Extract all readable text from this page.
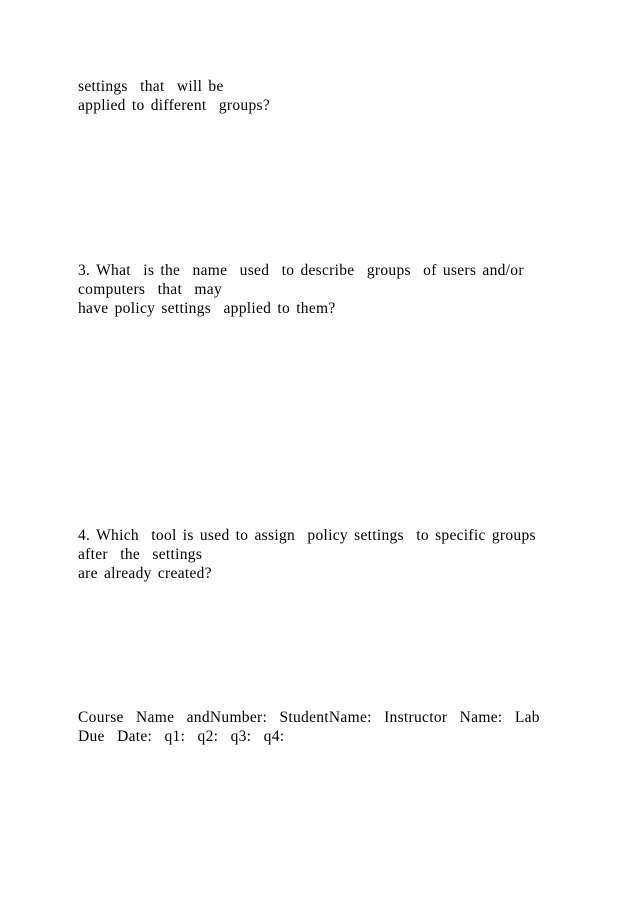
settings  that  will be
applied to different  groups?
3. What  is the  name  used  to describe  groups  of users and/or
computers  that  may
have policy settings  applied to them?
4. Which  tool is used to assign  policy settings  to specific groups
after  the  settings
are already created?
Course  Name  andNumber:  StudentName:  Instructor  Name:  Lab
Due  Date:  q1:  q2:  q3:  q4:
